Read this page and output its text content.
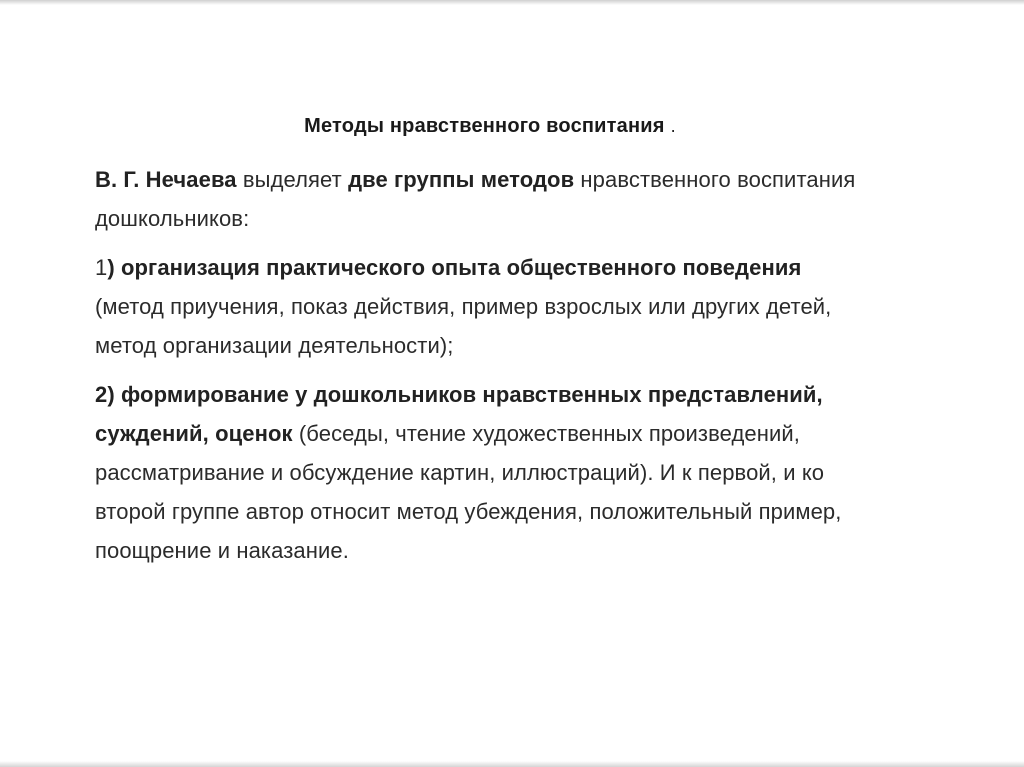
Методы нравственного воспитания .

В. Г. Нечаева выделяет две группы методов нравственного воспитания дошкольников:

1) организация практического опыта общественного поведения (метод приучения, показ действия, пример взрослых или других детей, метод организации деятельности);

2) формирование у дошкольников нравственных представлений, суждений, оценок (беседы, чтение художественных произведений, рассматривание и обсуждение картин, иллюстраций). И к первой, и ко второй группе автор относит метод убеждения, положительный пример, поощрение и наказание.
